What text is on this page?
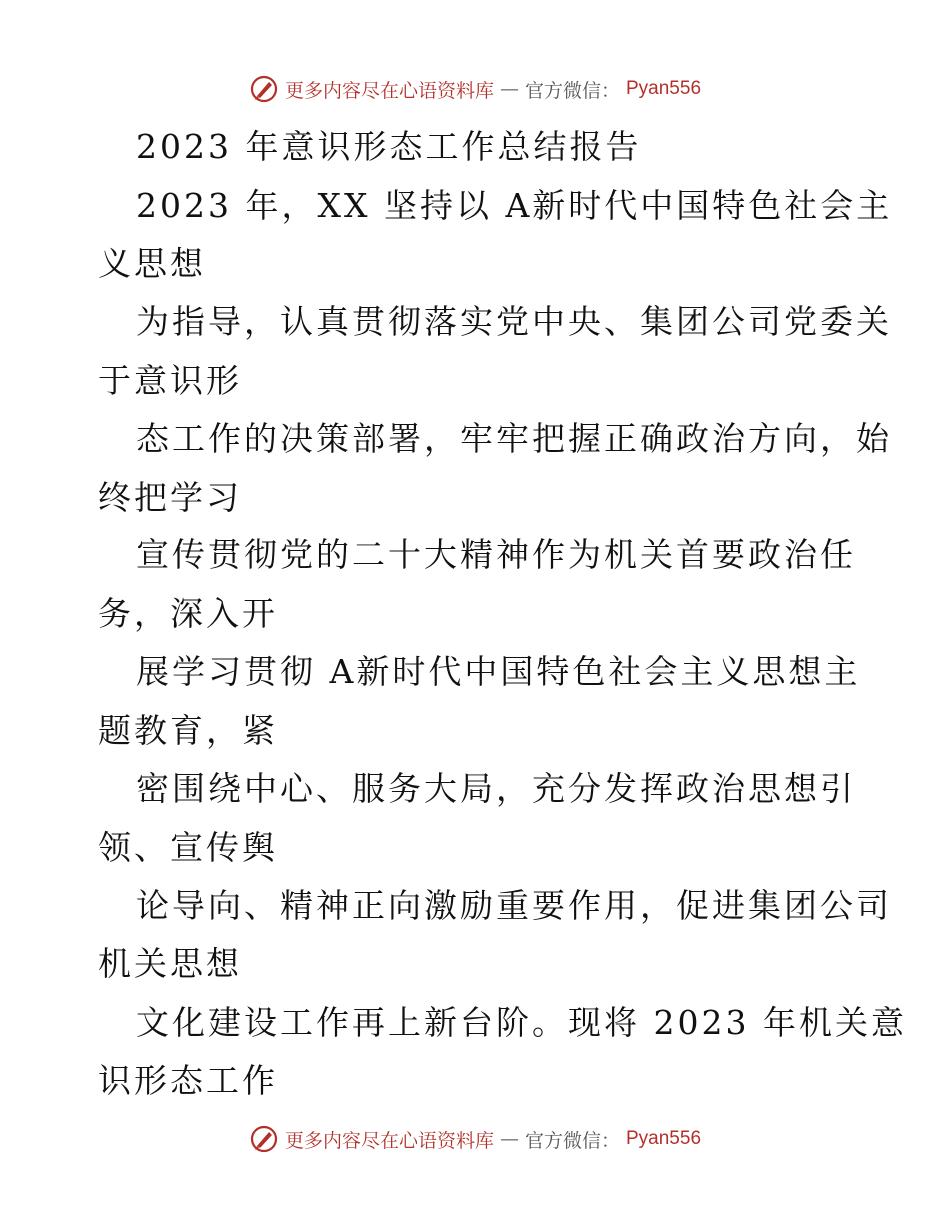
更多内容尽在心语资料库 — 官方微信： Pyan556
2023 年意识形态工作总结报告
2023 年，XX 坚持以 A新时代中国特色社会主
义思想
为指导，认真贯彻落实党中央、集团公司党委关
于意识形
态工作的决策部署，牢牢把握正确政治方向，始
终把学习
宣传贯彻党的二十大精神作为机关首要政治任
务，深入开
展学习贯彻 A新时代中国特色社会主义思想主
题教育，紧
密围绕中心、服务大局，充分发挥政治思想引
领、宣传舆
论导向、精神正向激励重要作用，促进集团公司
机关思想
文化建设工作再上新台阶。现将 2023 年机关意
识形态工作
更多内容尽在心语资料库 — 官方微信： Pyan556
